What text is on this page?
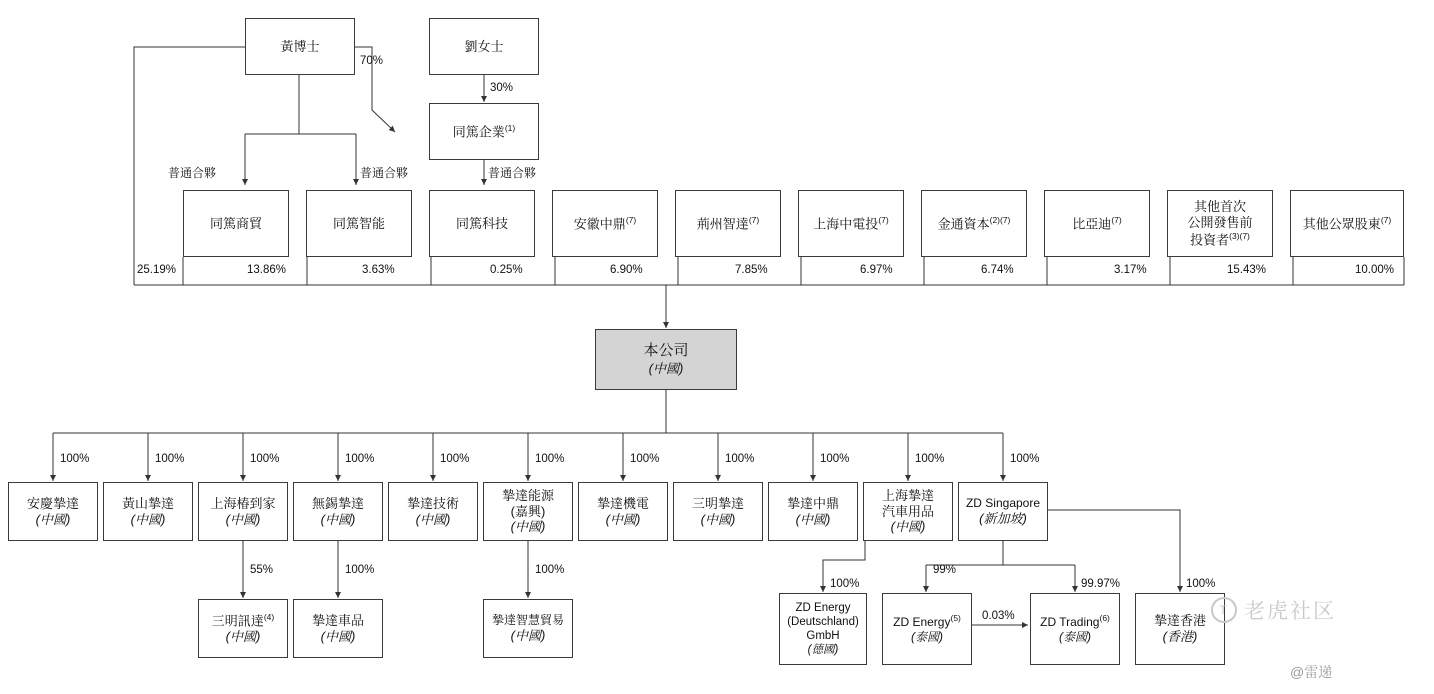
黃博士	劉女士
同篤企業$^{(1)}$
70%
30%
普通合夥	普通合夥	普通合夥
同篤商貿	同篤智能	同篤科技	安徽中鼎$^{(7)}$	荊州智達$^{(7)}$	上海中電投$^{(7)}$	金通資本$^{(2)(7)}$	比亞迪$^{(7)}$
其他首次
公開發售前
投資者$^{(3)(7)}$
其他公眾股東$^{(7)}$
25.19%	13.86%	3.63%	0.25%	6.90%	7.85%	6.97%	6.74%	3.17%	15.43%	10.00%
本公司
(中國)
100%	100%	100%	100%	100%	100%	100%	100%	100%	100%	100%
安慶摯達
(中國)
黃山摯達
(中國)
上海椿到家
(中國)
無錫摯達
(中國)
摯達技術
(中國)
摯達能源
(嘉興)
(中國)
摯達機電
(中國)
三明摯達
(中國)
摯達中鼎
(中國)
上海摯達
汽車用品
(中國)
ZD Singapore
(新加坡)
55%	100%	100%
100%
99%
99.97%
0.03%
100%
三明訊達$^{(4)}$
(中國)
摯達車品
(中國)
摯達智慧貿易
(中國)
ZD Energy
(Deutschland)
GmbH
(德國)
ZD Energy$^{(5)}$
(泰國)
ZD Trading$^{(6)}$
(泰國)
摯達香港
(香港)
T 老虎社区
@雷递
